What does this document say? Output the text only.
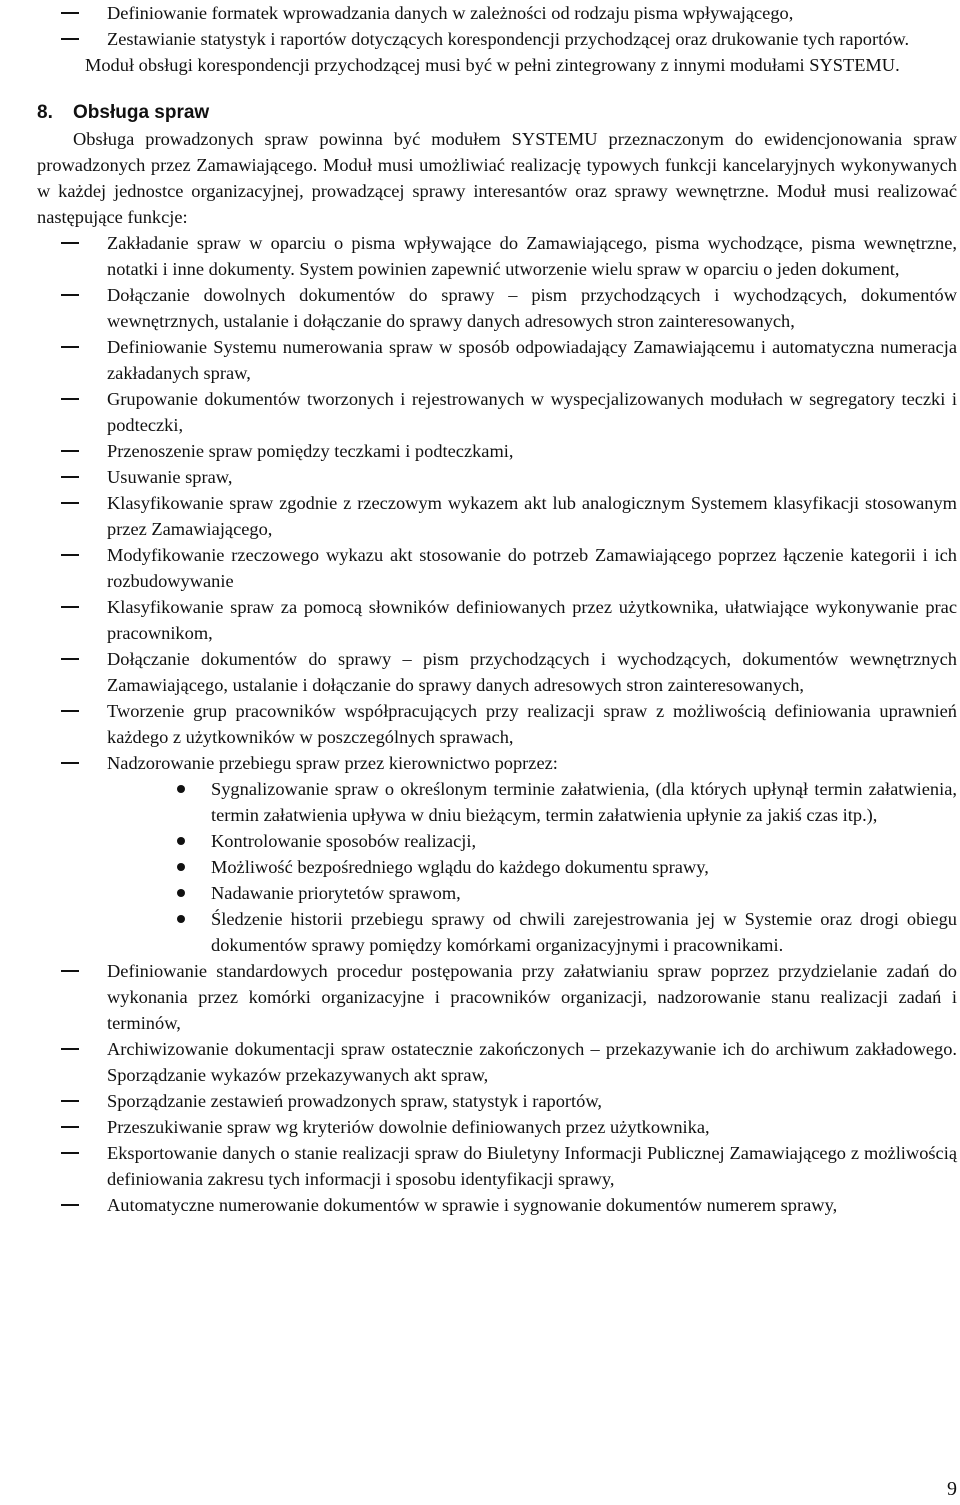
Definiowanie formatek wprowadzania danych w zależności od rodzaju pisma wpływającego,

Zestawianie statystyk i raportów dotyczących korespondencji przychodzącej oraz drukowanie tych raportów.

Moduł obsługi korespondencji przychodzącej musi być w pełni zintegrowany z innymi modułami SYSTEMU.

8. Obsługa spraw

Obsługa prowadzonych spraw powinna być modułem SYSTEMU przeznaczonym do ewidencjonowania spraw prowadzonych przez Zamawiającego. Moduł musi umożliwiać realizację typowych funkcji kancelaryjnych wykonywanych w każdej jednostce organizacyjnej, prowadzącej sprawy interesantów oraz sprawy wewnętrzne. Moduł musi realizować następujące funkcje:

Zakładanie spraw w oparciu o pisma wpływające do Zamawiającego, pisma wychodzące, pisma wewnętrzne, notatki i inne dokumenty. System powinien zapewnić utworzenie wielu spraw w oparciu o jeden dokument,

Dołączanie dowolnych dokumentów do sprawy – pism przychodzących i wychodzących, dokumentów wewnętrznych, ustalanie i dołączanie do sprawy danych adresowych stron zainteresowanych,

Definiowanie Systemu numerowania spraw w sposób odpowiadający Zamawiającemu i automatyczna numeracja zakładanych spraw,

Grupowanie dokumentów tworzonych i rejestrowanych w wyspecjalizowanych modułach w segregatory teczki i podteczki,

Przenoszenie spraw pomiędzy teczkami i podteczkami,

Usuwanie spraw,

Klasyfikowanie spraw zgodnie z rzeczowym wykazem akt lub analogicznym Systemem klasyfikacji stosowanym przez Zamawiającego,

Modyfikowanie rzeczowego wykazu akt stosowanie do potrzeb Zamawiającego poprzez łączenie kategorii i ich rozbudowywanie

Klasyfikowanie spraw za pomocą słowników definiowanych przez użytkownika, ułatwiające wykonywanie prac pracownikom,

Dołączanie dokumentów do sprawy – pism przychodzących i wychodzących, dokumentów wewnętrznych Zamawiającego, ustalanie i dołączanie do sprawy danych adresowych stron zainteresowanych,

Tworzenie grup pracowników współpracujących przy realizacji spraw z możliwością definiowania uprawnień każdego z użytkowników w poszczególnych sprawach,

Nadzorowanie przebiegu spraw przez kierownictwo poprzez:

Sygnalizowanie spraw o określonym terminie załatwienia, (dla których upłynął termin załatwienia, termin załatwienia upływa w dniu bieżącym, termin załatwienia upłynie za jakiś czas itp.),

Kontrolowanie sposobów realizacji,

Możliwość bezpośredniego wglądu do każdego dokumentu sprawy,

Nadawanie priorytetów sprawom,

Śledzenie historii przebiegu sprawy od chwili zarejestrowania jej w Systemie oraz drogi obiegu dokumentów sprawy pomiędzy komórkami organizacyjnymi i pracownikami.

Definiowanie standardowych procedur postępowania przy załatwianiu spraw poprzez przydzielanie zadań do wykonania przez komórki organizacyjne i pracowników organizacji, nadzorowanie stanu realizacji zadań i terminów,

Archiwizowanie dokumentacji spraw ostatecznie zakończonych – przekazywanie ich do archiwum zakładowego. Sporządzanie wykazów przekazywanych akt spraw,

Sporządzanie zestawień prowadzonych spraw, statystyk i raportów,

Przeszukiwanie spraw wg kryteriów dowolnie definiowanych przez użytkownika,

Eksportowanie danych o stanie realizacji spraw do Biuletyny Informacji Publicznej Zamawiającego z możliwością definiowania zakresu tych informacji i sposobu identyfikacji sprawy,

Automatyczne numerowanie dokumentów w sprawie i sygnowanie dokumentów numerem sprawy,

9
